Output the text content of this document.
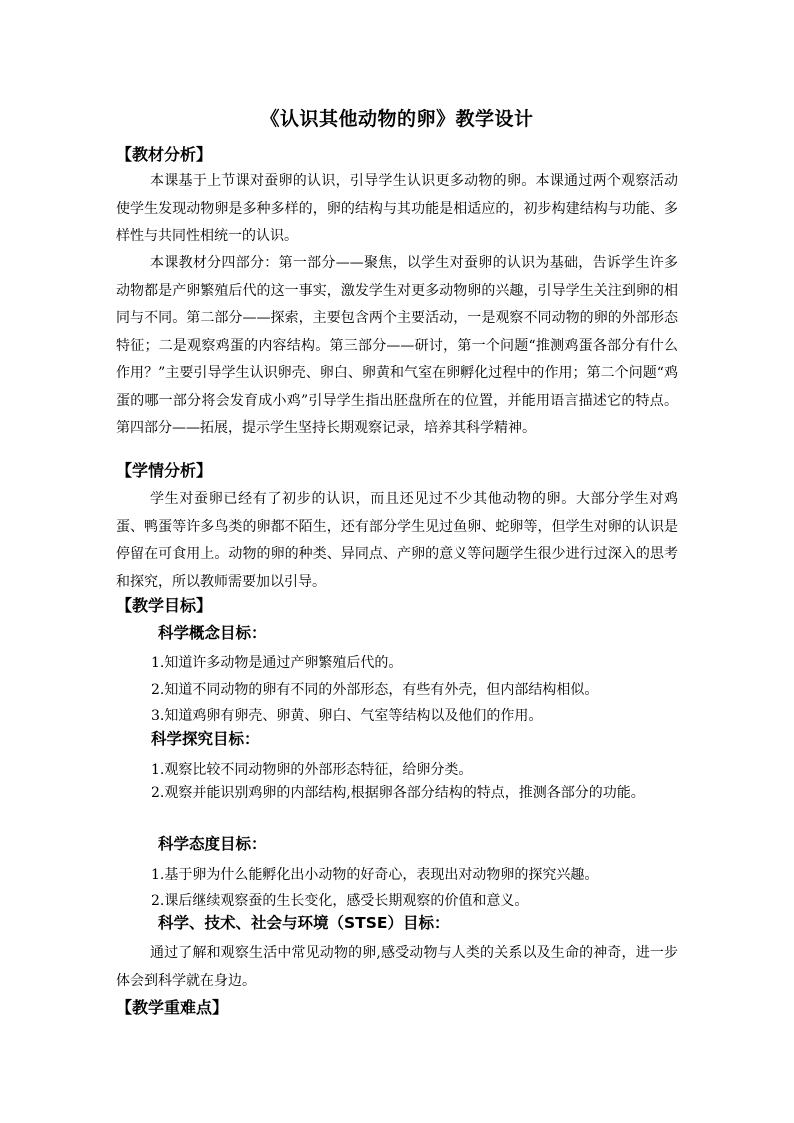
《认识其他动物的卵》教学设计
【教材分析】

本课基于上节课对蚕卵的认识，引导学生认识更多动物的卵。本课通过两个观察活动使学生发现动物卵是多种多样的，卵的结构与其功能是相适应的，初步构建结构与功能、多样性与共同性相统一的认识。

本课教材分四部分：第一部分——聚焦，以学生对蚕卵的认识为基础，告诉学生许多动物都是产卵繁殖后代的这一事实，激发学生对更多动物卵的兴趣，引导学生关注到卵的相同与不同。第二部分——探索，主要包含两个主要活动，一是观察不同动物的卵的外部形态特征；二是观察鸡蛋的内容结构。第三部分——研讨，第一个问题“推测鸡蛋各部分有什么作用？”主要引导学生认识卵壳、卵白、卵黄和气室在卵孵化过程中的作用；第二个问题“鸡蛋的哪一部分将会发育成小鸡”引导学生指出胚盘所在的位置，并能用语言描述它的特点。第四部分——拓展，提示学生坚持长期观察记录，培养其科学精神。

【学情分析】

学生对蚕卵已经有了初步的认识，而且还见过不少其他动物的卵。大部分学生对鸡蛋、鸭蛋等许多鸟类的卵都不陌生，还有部分学生见过鱼卵、蛇卵等，但学生对卵的认识是停留在可食用上。动物的卵的种类、异同点、产卵的意义等问题学生很少进行过深入的思考和探究，所以教师需要加以引导。

【教学目标】
科学概念目标：

1.知道许多动物是通过产卵繁殖后代的。

2.知道不同动物的卵有不同的外部形态，有些有外壳，但内部结构相似。

3.知道鸡卵有卵壳、卵黄、卵白、气室等结构以及他们的作用。

科学探究目标：

1.观察比较不同动物卵的外部形态特征，给卵分类。

2.观察并能识别鸡卵的内部结构,根据卵各部分结构的特点，推测各部分的功能。

科学态度目标：

1.基于卵为什么能孵化出小动物的好奇心，表现出对动物卵的探究兴趣。

2.课后继续观察蚕的生长变化，感受长期观察的价值和意义。

科学、技术、社会与环境（STSE）目标：

通过了解和观察生活中常见动物的卵,感受动物与人类的关系以及生命的神奇，进一步体会到科学就在身边。

【教学重难点】
